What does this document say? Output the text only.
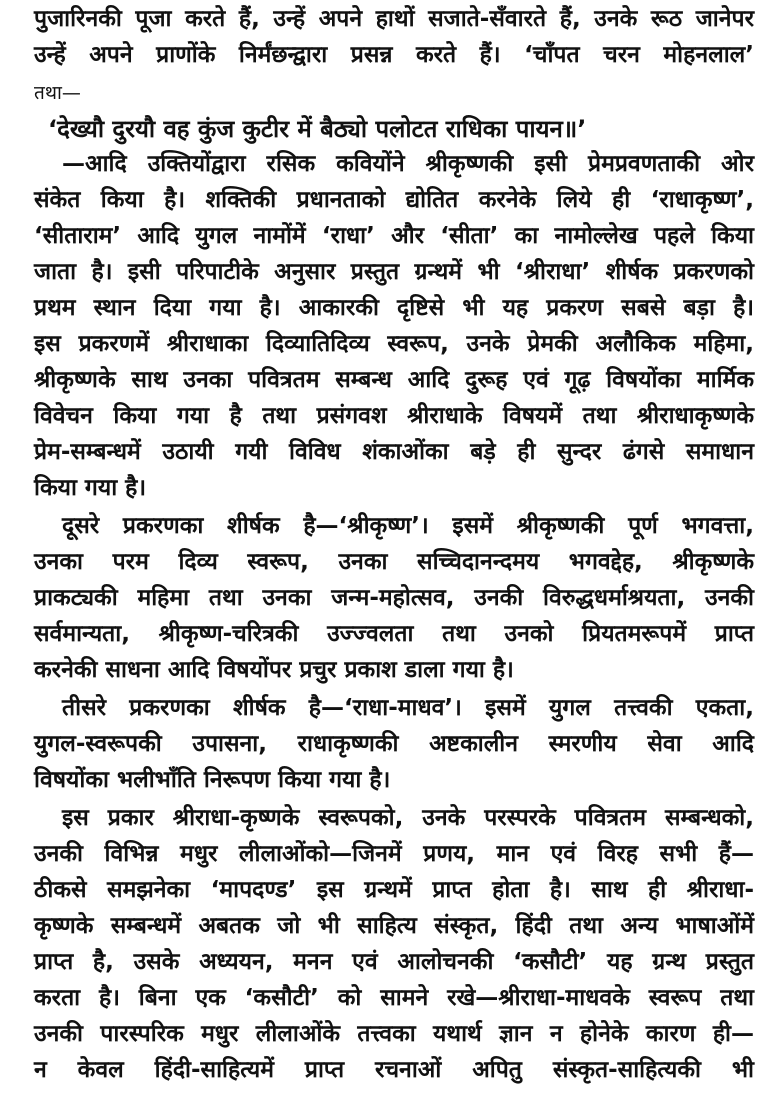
पुजारिनकी पूजा करते हैं, उन्हें अपने हाथों सजाते-सँवारते हैं, उनके रूठ जानेपर
उन्हें अपने प्राणोंके निर्मंछन्द्वारा प्रसन्न करते हैं। ‘चाँपत चरन मोहनलाल’
तथा—
‘देख्यौ दुरयौ वह कुंज कुटीर में बैठ्यो पलोटत राधिका पायन॥’
—आदि उक्तियोंद्वारा रसिक कवियोंने श्रीकृष्णकी इसी प्रेमप्रवणताकी ओर
संकेत किया है। शक्तिकी प्रधानताको द्योतित करनेके लिये ही ‘राधाकृष्ण’,
‘सीताराम’ आदि युगल नामोंमें ‘राधा’ और ‘सीता’ का नामोल्लेख पहले किया
जाता है। इसी परिपाटीके अनुसार प्रस्तुत ग्रन्थमें भी ‘श्रीराधा’ शीर्षक प्रकरणको
प्रथम स्थान दिया गया है। आकारकी दृष्टिसे भी यह प्रकरण सबसे बड़ा है।
इस प्रकरणमें श्रीराधाका दिव्यातिदिव्य स्वरूप, उनके प्रेमकी अलौकिक महिमा,
श्रीकृष्णके साथ उनका पवित्रतम सम्बन्ध आदि दुरूह एवं गूढ़ विषयोंका मार्मिक
विवेचन किया गया है तथा प्रसंगवश श्रीराधाके विषयमें तथा श्रीराधाकृष्णके
प्रेम-सम्बन्धमें उठायी गयी विविध शंकाओंका बड़े ही सुन्दर ढंगसे समाधान
किया गया है।
दूसरे प्रकरणका शीर्षक है—‘श्रीकृष्ण’। इसमें श्रीकृष्णकी पूर्ण भगवत्ता,
उनका परम दिव्य स्वरूप, उनका सच्चिदानन्दमय भगवद्देह, श्रीकृष्णके
प्राकट्यकी महिमा तथा उनका जन्म-महोत्सव, उनकी विरुद्धधर्माश्रयता, उनकी
सर्वमान्यता, श्रीकृष्ण-चरित्रकी उज्ज्वलता तथा उनको प्रियतमरूपमें प्राप्त
करनेकी साधना आदि विषयोंपर प्रचुर प्रकाश डाला गया है।
तीसरे प्रकरणका शीर्षक है—‘राधा-माधव’। इसमें युगल तत्त्वकी एकता,
युगल-स्वरूपकी उपासना, राधाकृष्णकी अष्टकालीन स्मरणीय सेवा आदि
विषयोंका भलीभाँति निरूपण किया गया है।
इस प्रकार श्रीराधा-कृष्णके स्वरूपको, उनके परस्परके पवित्रतम सम्बन्धको,
उनकी विभिन्न मधुर लीलाओंको—जिनमें प्रणय, मान एवं विरह सभी हैं—
ठीकसे समझनेका ‘मापदण्ड’ इस ग्रन्थमें प्राप्त होता है। साथ ही श्रीराधा-
कृष्णके सम्बन्धमें अबतक जो भी साहित्य संस्कृत, हिंदी तथा अन्य भाषाओंमें
प्राप्त है, उसके अध्ययन, मनन एवं आलोचनकी ‘कसौटी’ यह ग्रन्थ प्रस्तुत
करता है। बिना एक ‘कसौटी’ को सामने रखे—श्रीराधा-माधवके स्वरूप तथा
उनकी पारस्परिक मधुर लीलाओंके तत्त्वका यथार्थ ज्ञान न होनेके कारण ही—
न केवल हिंदी-साहित्यमें प्राप्त रचनाओं अपितु संस्कृत-साहित्यकी भी
